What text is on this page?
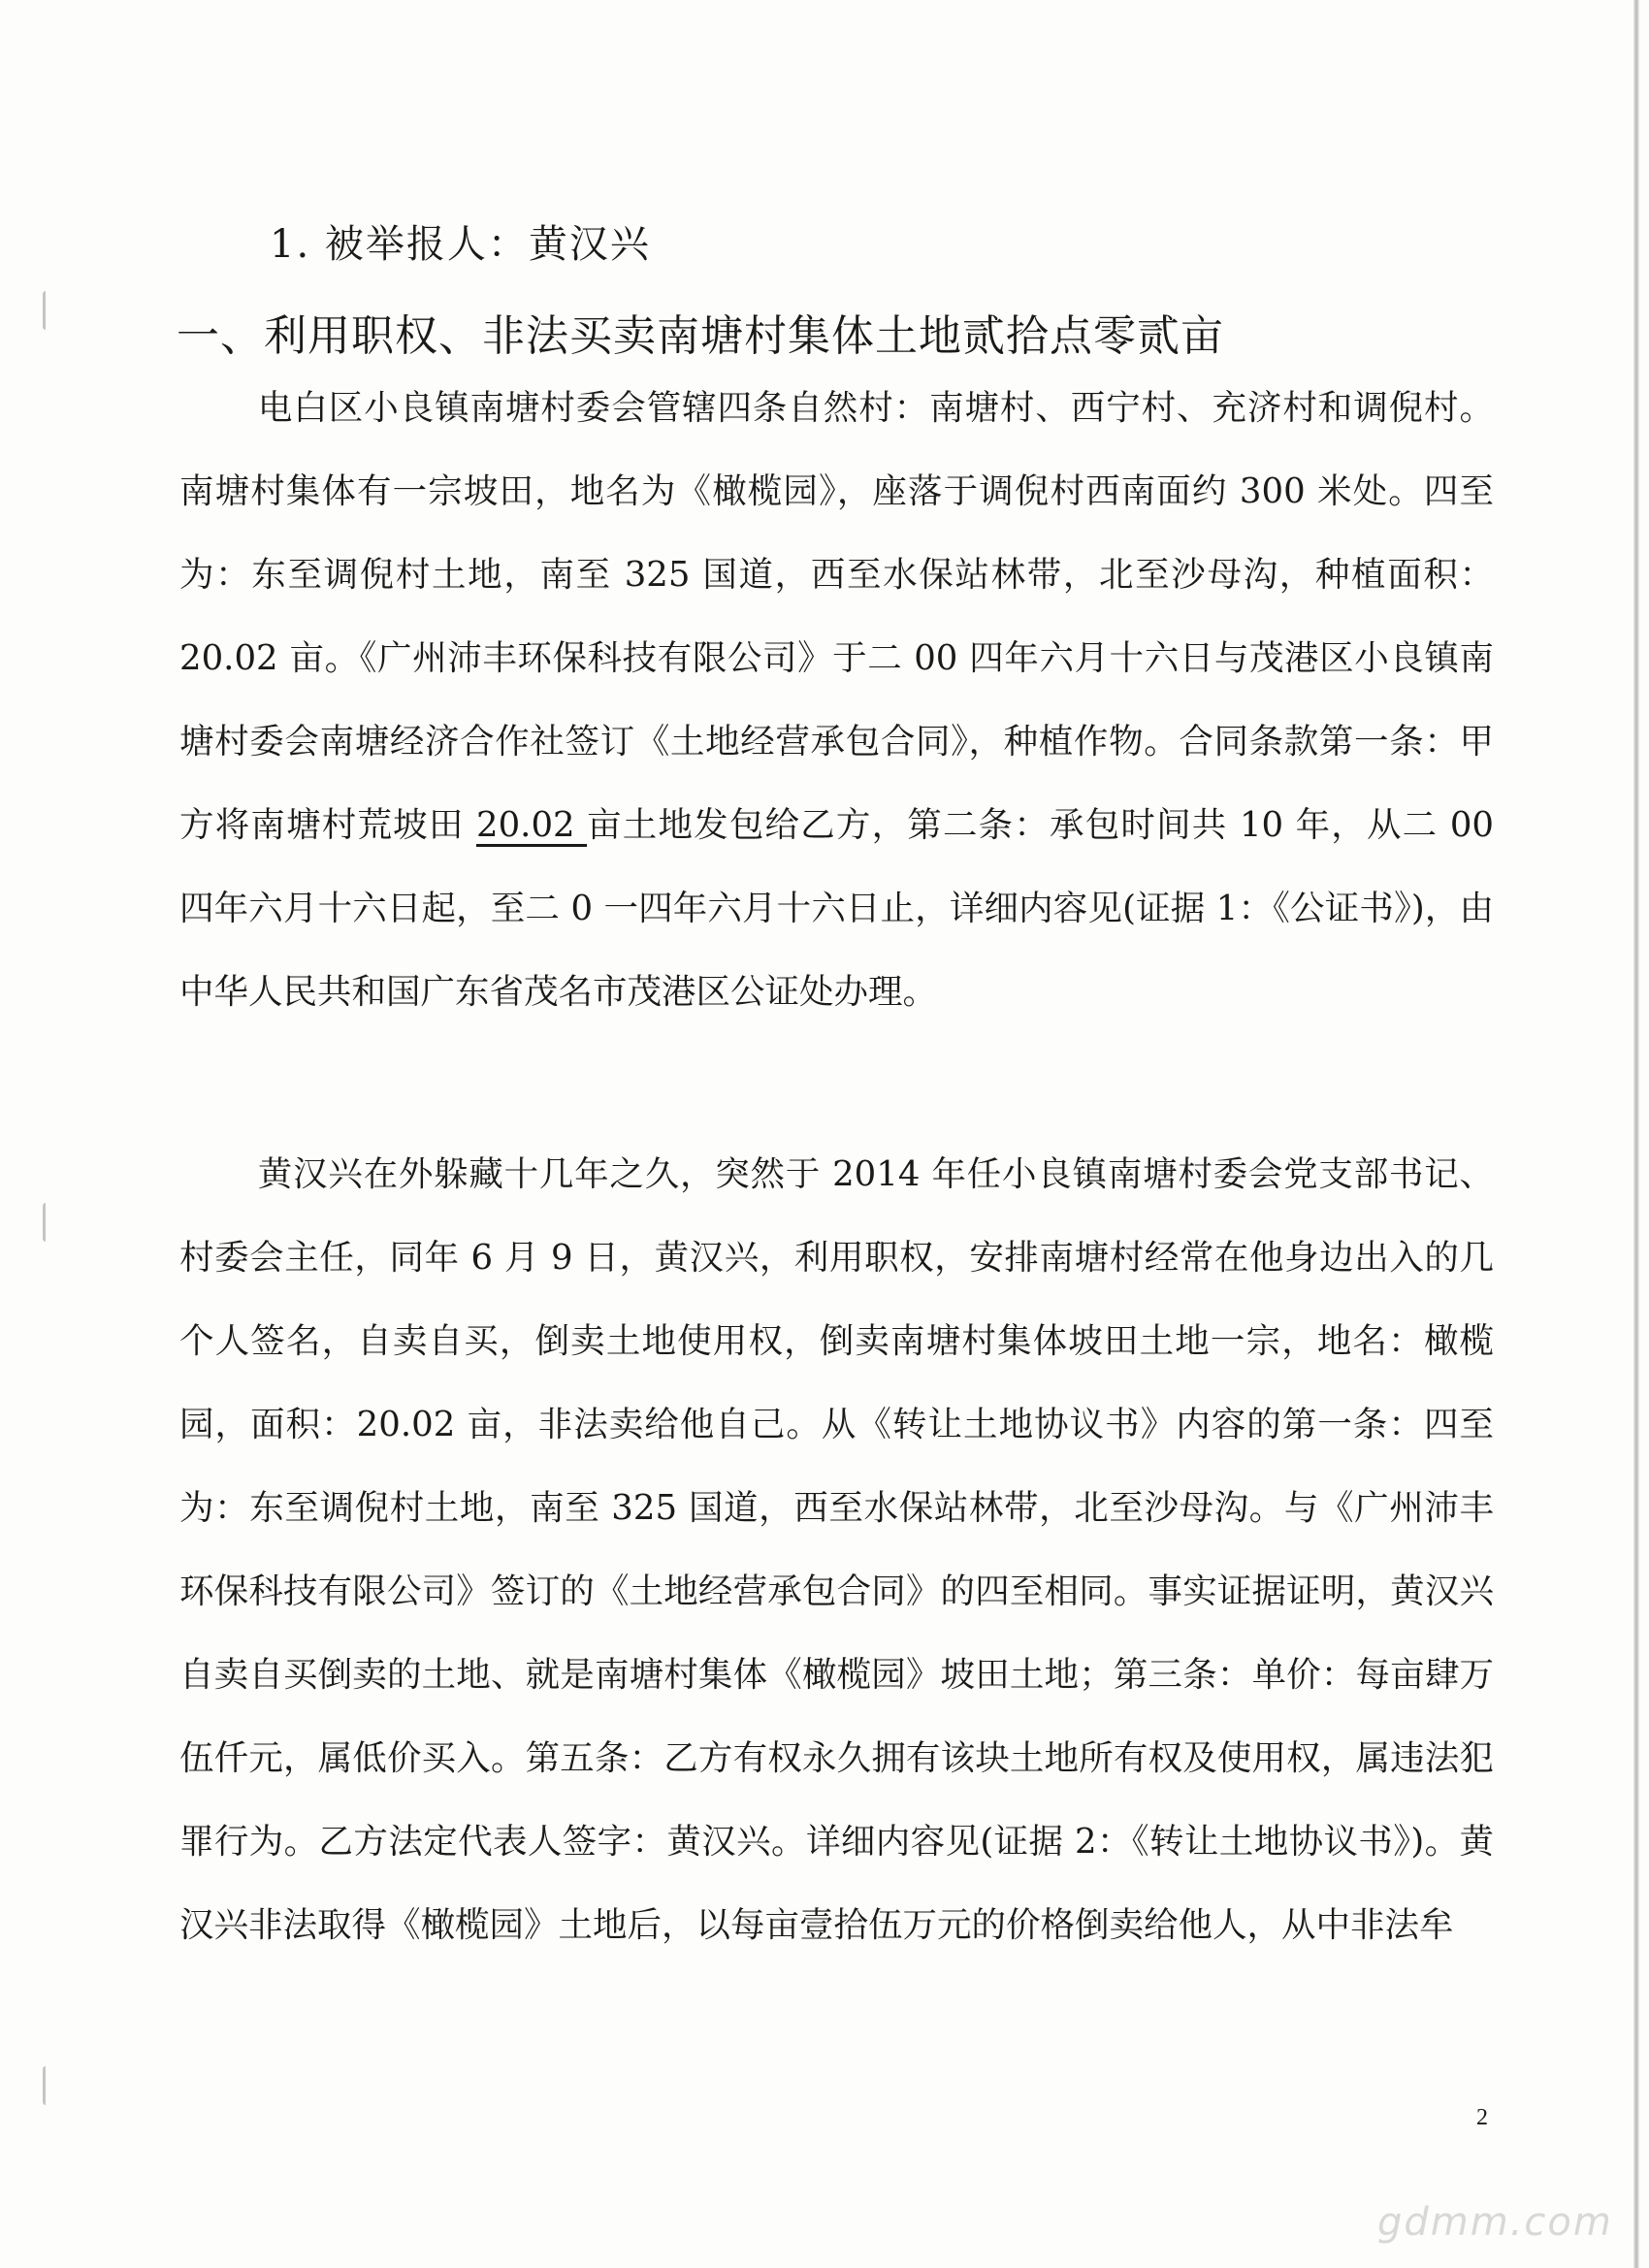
1. 被举报人：黄汉兴
一、利用职权、非法买卖南塘村集体土地贰拾点零贰亩
电白区小良镇南塘村委会管辖四条自然村：南塘村、西宁村、充济村和调倪村。南塘村集体有一宗坡田，地名为《橄榄园》，座落于调倪村西南面约 300 米处。四至为：东至调倪村土地，南至 325 国道，西至水保站林带，北至沙母沟，种植面积：20.02 亩。《广州沛丰环保科技有限公司》于二 00 四年六月十六日与茂港区小良镇南塘村委会南塘经济合作社签订《土地经营承包合同》，种植作物。合同条款第一条：甲方将南塘村荒坡田 20.02 亩土地发包给乙方，第二条：承包时间共 10 年，从二 00 四年六月十六日起，至二 0 一四年六月十六日止，详细内容见(证据 1：《公证书》)，由中华人民共和国广东省茂名市茂港区公证处办理。
黄汉兴在外躲藏十几年之久，突然于 2014 年任小良镇南塘村委会党支部书记、村委会主任，同年 6 月 9 日，黄汉兴，利用职权，安排南塘村经常在他身边出入的几个人签名，自卖自买，倒卖土地使用权，倒卖南塘村集体坡田土地一宗，地名：橄榄园，面积：20.02 亩，非法卖给他自己。从《转让土地协议书》内容的第一条：四至为：东至调倪村土地，南至 325 国道，西至水保站林带，北至沙母沟。与《广州沛丰环保科技有限公司》签订的《土地经营承包合同》的四至相同。事实证据证明，黄汉兴自卖自买倒卖的土地、就是南塘村集体《橄榄园》坡田土地；第三条：单价：每亩肆万伍仟元，属低价买入。第五条：乙方有权永久拥有该块土地所有权及使用权，属违法犯罪行为。乙方法定代表人签字：黄汉兴。详细内容见(证据 2：《转让土地协议书》)。黄汉兴非法取得《橄榄园》土地后，以每亩壹拾伍万元的价格倒卖给他人，从中非法牟
2
gdmm.com
